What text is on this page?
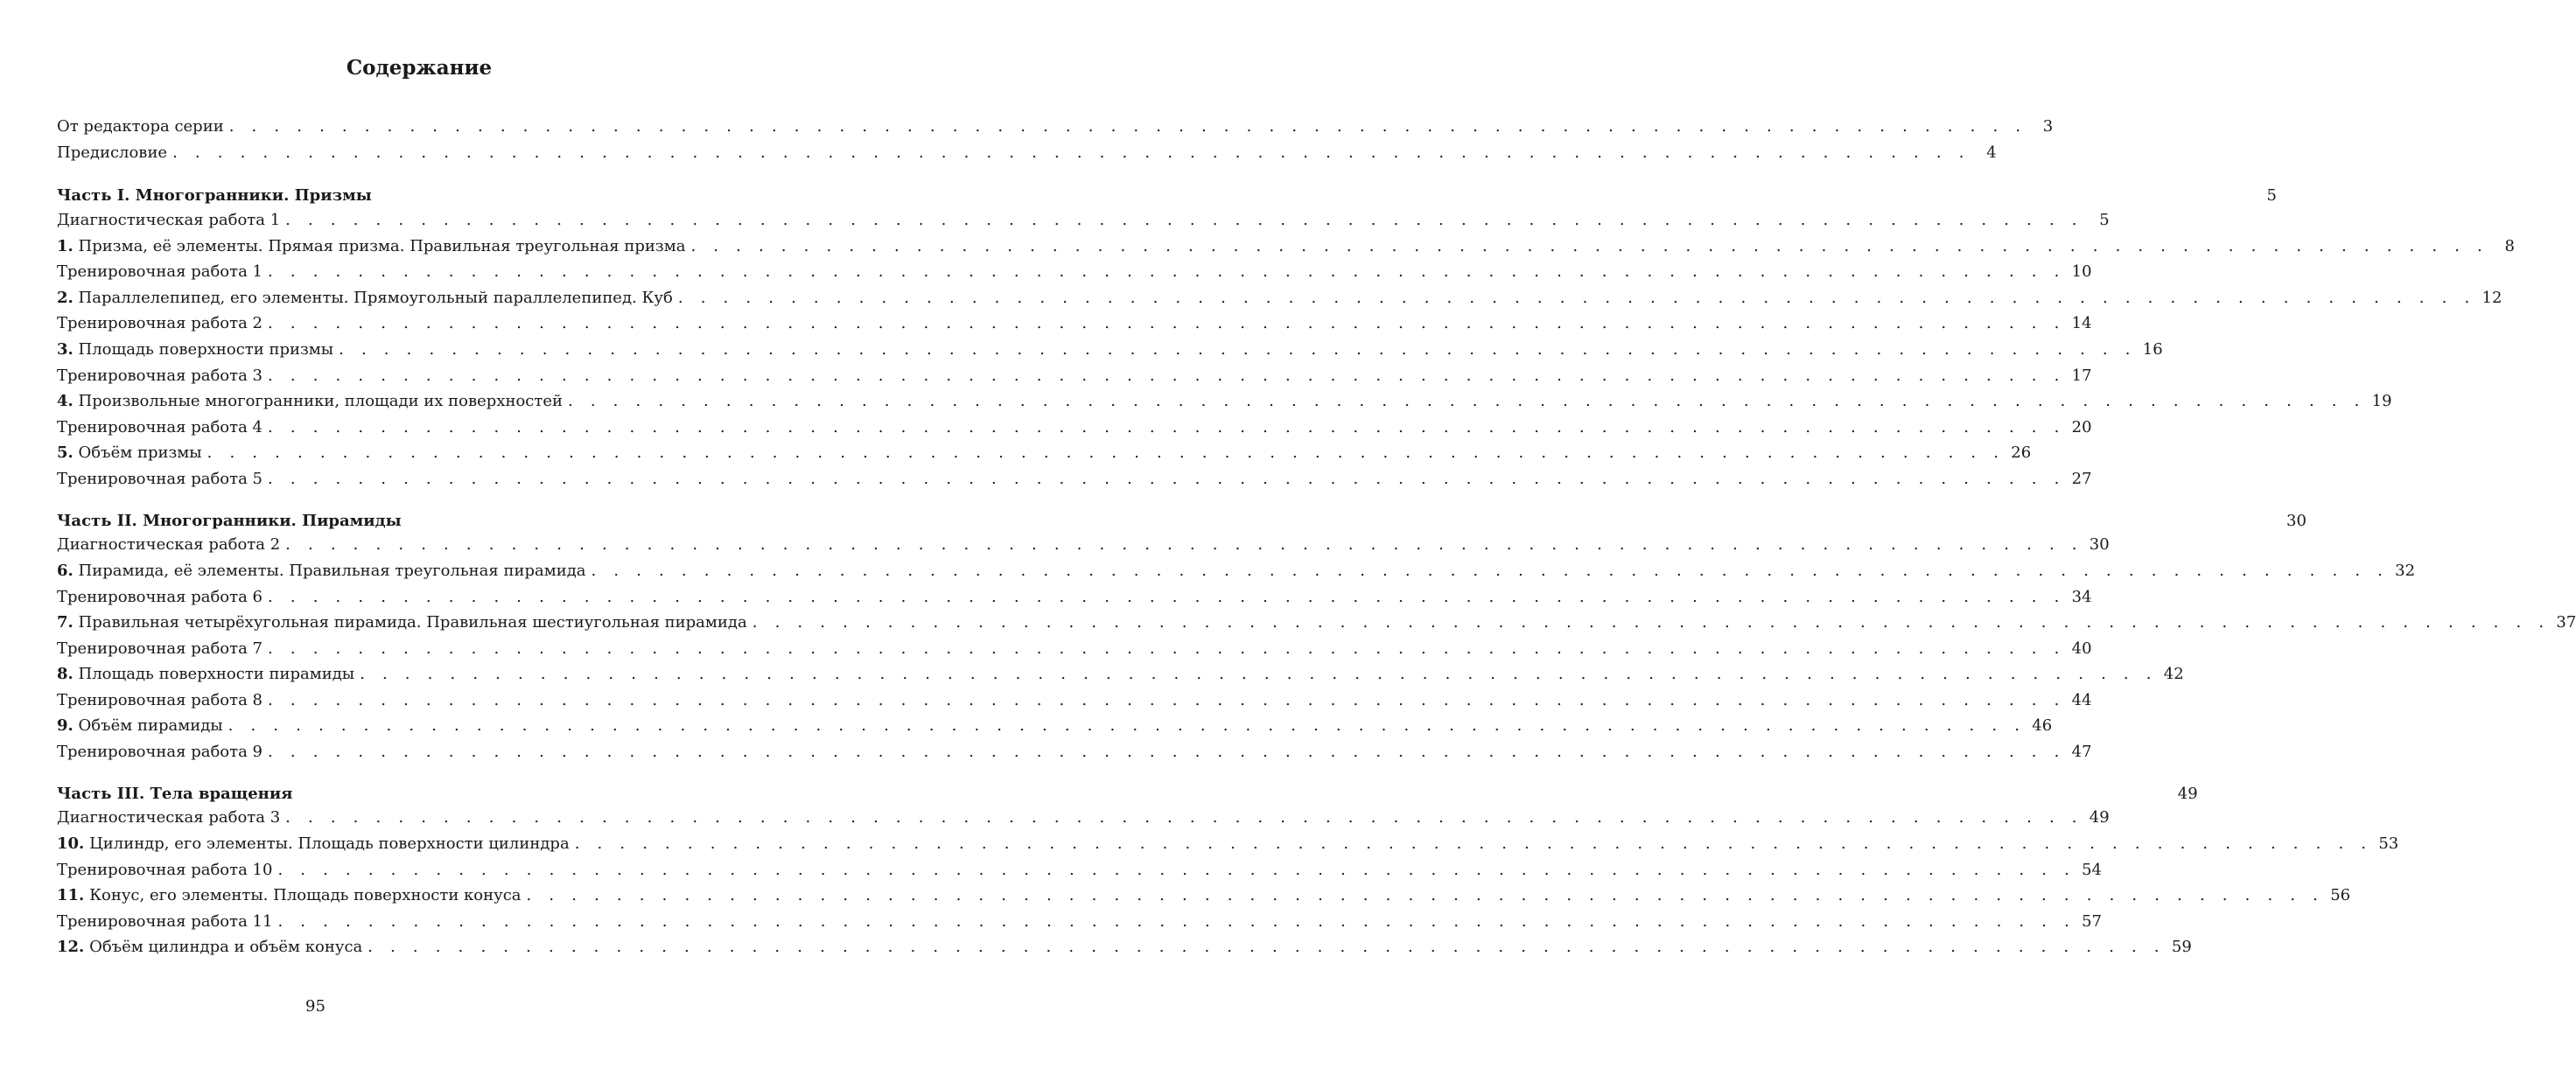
Содержание
От редактора серии . . . . . . . . . . . . . . . . . . . . . . . . . . . . . . . . . . . . . . . . . . . . . . . . . . . . . . . . . . . . . . . . . . . . . . . . . . . . . . . .	3
Предисловие . . . . . . . . . . . . . . . . . . . . . . . . . . . . . . . . . . . . . . . . . . . . . . . . . . . . . . . . . . . . . . . . . . . . . . . . . . . . . . . .	4
Часть I. Многогранники. Призмы	5
Диагностическая работа 1 . . . . . . . . . . . . . . . . . . . . . . . . . . . . . . . . . . . . . . . . . . . . . . . . . . . . . . . . . . . . . . . . . . . . . . . . . . . . . . . .	5
1. Призма, её элементы. Прямая призма. Правильная треугольная призма . . . . . . . . . . . . . . . . . . . . . . . . . . . . . . . . . . . . . . . . . . . . . . . . . . . . . . . . . . . . . . . . . . . . . . . . . . . . . . . .	8
Тренировочная работа 1 . . . . . . . . . . . . . . . . . . . . . . . . . . . . . . . . . . . . . . . . . . . . . . . . . . . . . . . . . . . . . . . . . . . . . . . . . . . . . . . . 10
2. Параллелепипед, его элементы. Прямоугольный параллелепипед. Куб . . . . . . . . . . . . . . . . . . . . . . . . . . . . . . . . . . . . . . . . . . . . . . . . . . . . . . . . . . . . . . . . . . . . . . . . . . . . . . . . 12
Тренировочная работа 2 . . . . . . . . . . . . . . . . . . . . . . . . . . . . . . . . . . . . . . . . . . . . . . . . . . . . . . . . . . . . . . . . . . . . . . . . . . . . . . . . 14
3. Площадь поверхности призмы . . . . . . . . . . . . . . . . . . . . . . . . . . . . . . . . . . . . . . . . . . . . . . . . . . . . . . . . . . . . . . . . . . . . . . . . . . . . . . . . 16
Тренировочная работа 3 . . . . . . . . . . . . . . . . . . . . . . . . . . . . . . . . . . . . . . . . . . . . . . . . . . . . . . . . . . . . . . . . . . . . . . . . . . . . . . . . 17
4. Произвольные многогранники, площади их поверхностей . . . . . . . . . . . . . . . . . . . . . . . . . . . . . . . . . . . . . . . . . . . . . . . . . . . . . . . . . . . . . . . . . . . . . . . . . . . . . . . . 19
Тренировочная работа 4 . . . . . . . . . . . . . . . . . . . . . . . . . . . . . . . . . . . . . . . . . . . . . . . . . . . . . . . . . . . . . . . . . . . . . . . . . . . . . . . . 20
5. Объём призмы . . . . . . . . . . . . . . . . . . . . . . . . . . . . . . . . . . . . . . . . . . . . . . . . . . . . . . . . . . . . . . . . . . . . . . . . . . . . . . . . 26
Тренировочная работа 5 . . . . . . . . . . . . . . . . . . . . . . . . . . . . . . . . . . . . . . . . . . . . . . . . . . . . . . . . . . . . . . . . . . . . . . . . . . . . . . . . 27
Часть II. Многогранники. Пирамиды	30
Диагностическая работа 2 . . . . . . . . . . . . . . . . . . . . . . . . . . . . . . . . . . . . . . . . . . . . . . . . . . . . . . . . . . . . . . . . . . . . . . . . . . . . . . . . 30
6. Пирамида, её элементы. Правильная треугольная пирамида . . . . . . . . . . . . . . . . . . . . . . . . . . . . . . . . . . . . . . . . . . . . . . . . . . . . . . . . . . . . . . . . . . . . . . . . . . . . . . . . 32
Тренировочная работа 6 . . . . . . . . . . . . . . . . . . . . . . . . . . . . . . . . . . . . . . . . . . . . . . . . . . . . . . . . . . . . . . . . . . . . . . . . . . . . . . . . 34
7. Правильная четырёхугольная пирамида. Правильная шестиугольная пирамида . . . . . . . . . . . . . . . . . . . . . . . . . . . . . . . . . . . . . . . . . . . . . . . . . . . . . . . . . . . . . . . . . . . . . . . . . . . . . . . . 37
Тренировочная работа 7 . . . . . . . . . . . . . . . . . . . . . . . . . . . . . . . . . . . . . . . . . . . . . . . . . . . . . . . . . . . . . . . . . . . . . . . . . . . . . . . . 40
8. Площадь поверхности пирамиды . . . . . . . . . . . . . . . . . . . . . . . . . . . . . . . . . . . . . . . . . . . . . . . . . . . . . . . . . . . . . . . . . . . . . . . . . . . . . . . . 42
Тренировочная работа 8 . . . . . . . . . . . . . . . . . . . . . . . . . . . . . . . . . . . . . . . . . . . . . . . . . . . . . . . . . . . . . . . . . . . . . . . . . . . . . . . . 44
9. Объём пирамиды . . . . . . . . . . . . . . . . . . . . . . . . . . . . . . . . . . . . . . . . . . . . . . . . . . . . . . . . . . . . . . . . . . . . . . . . . . . . . . . . 46
Тренировочная работа 9 . . . . . . . . . . . . . . . . . . . . . . . . . . . . . . . . . . . . . . . . . . . . . . . . . . . . . . . . . . . . . . . . . . . . . . . . . . . . . . . . 47
Часть III. Тела вращения	49
Диагностическая работа 3 . . . . . . . . . . . . . . . . . . . . . . . . . . . . . . . . . . . . . . . . . . . . . . . . . . . . . . . . . . . . . . . . . . . . . . . . . . . . . . . . 49
10. Цилиндр, его элементы. Площадь поверхности цилиндра . . . . . . . . . . . . . . . . . . . . . . . . . . . . . . . . . . . . . . . . . . . . . . . . . . . . . . . . . . . . . . . . . . . . . . . . . . . . . . . . 53
Тренировочная работа 10 . . . . . . . . . . . . . . . . . . . . . . . . . . . . . . . . . . . . . . . . . . . . . . . . . . . . . . . . . . . . . . . . . . . . . . . . . . . . . . . . 54
11. Конус, его элементы. Площадь поверхности конуса . . . . . . . . . . . . . . . . . . . . . . . . . . . . . . . . . . . . . . . . . . . . . . . . . . . . . . . . . . . . . . . . . . . . . . . . . . . . . . . . 56
Тренировочная работа 11 . . . . . . . . . . . . . . . . . . . . . . . . . . . . . . . . . . . . . . . . . . . . . . . . . . . . . . . . . . . . . . . . . . . . . . . . . . . . . . . . 57
12. Объём цилиндра и объём конуса . . . . . . . . . . . . . . . . . . . . . . . . . . . . . . . . . . . . . . . . . . . . . . . . . . . . . . . . . . . . . . . . . . . . . . . . . . . . . . . . 59
95
